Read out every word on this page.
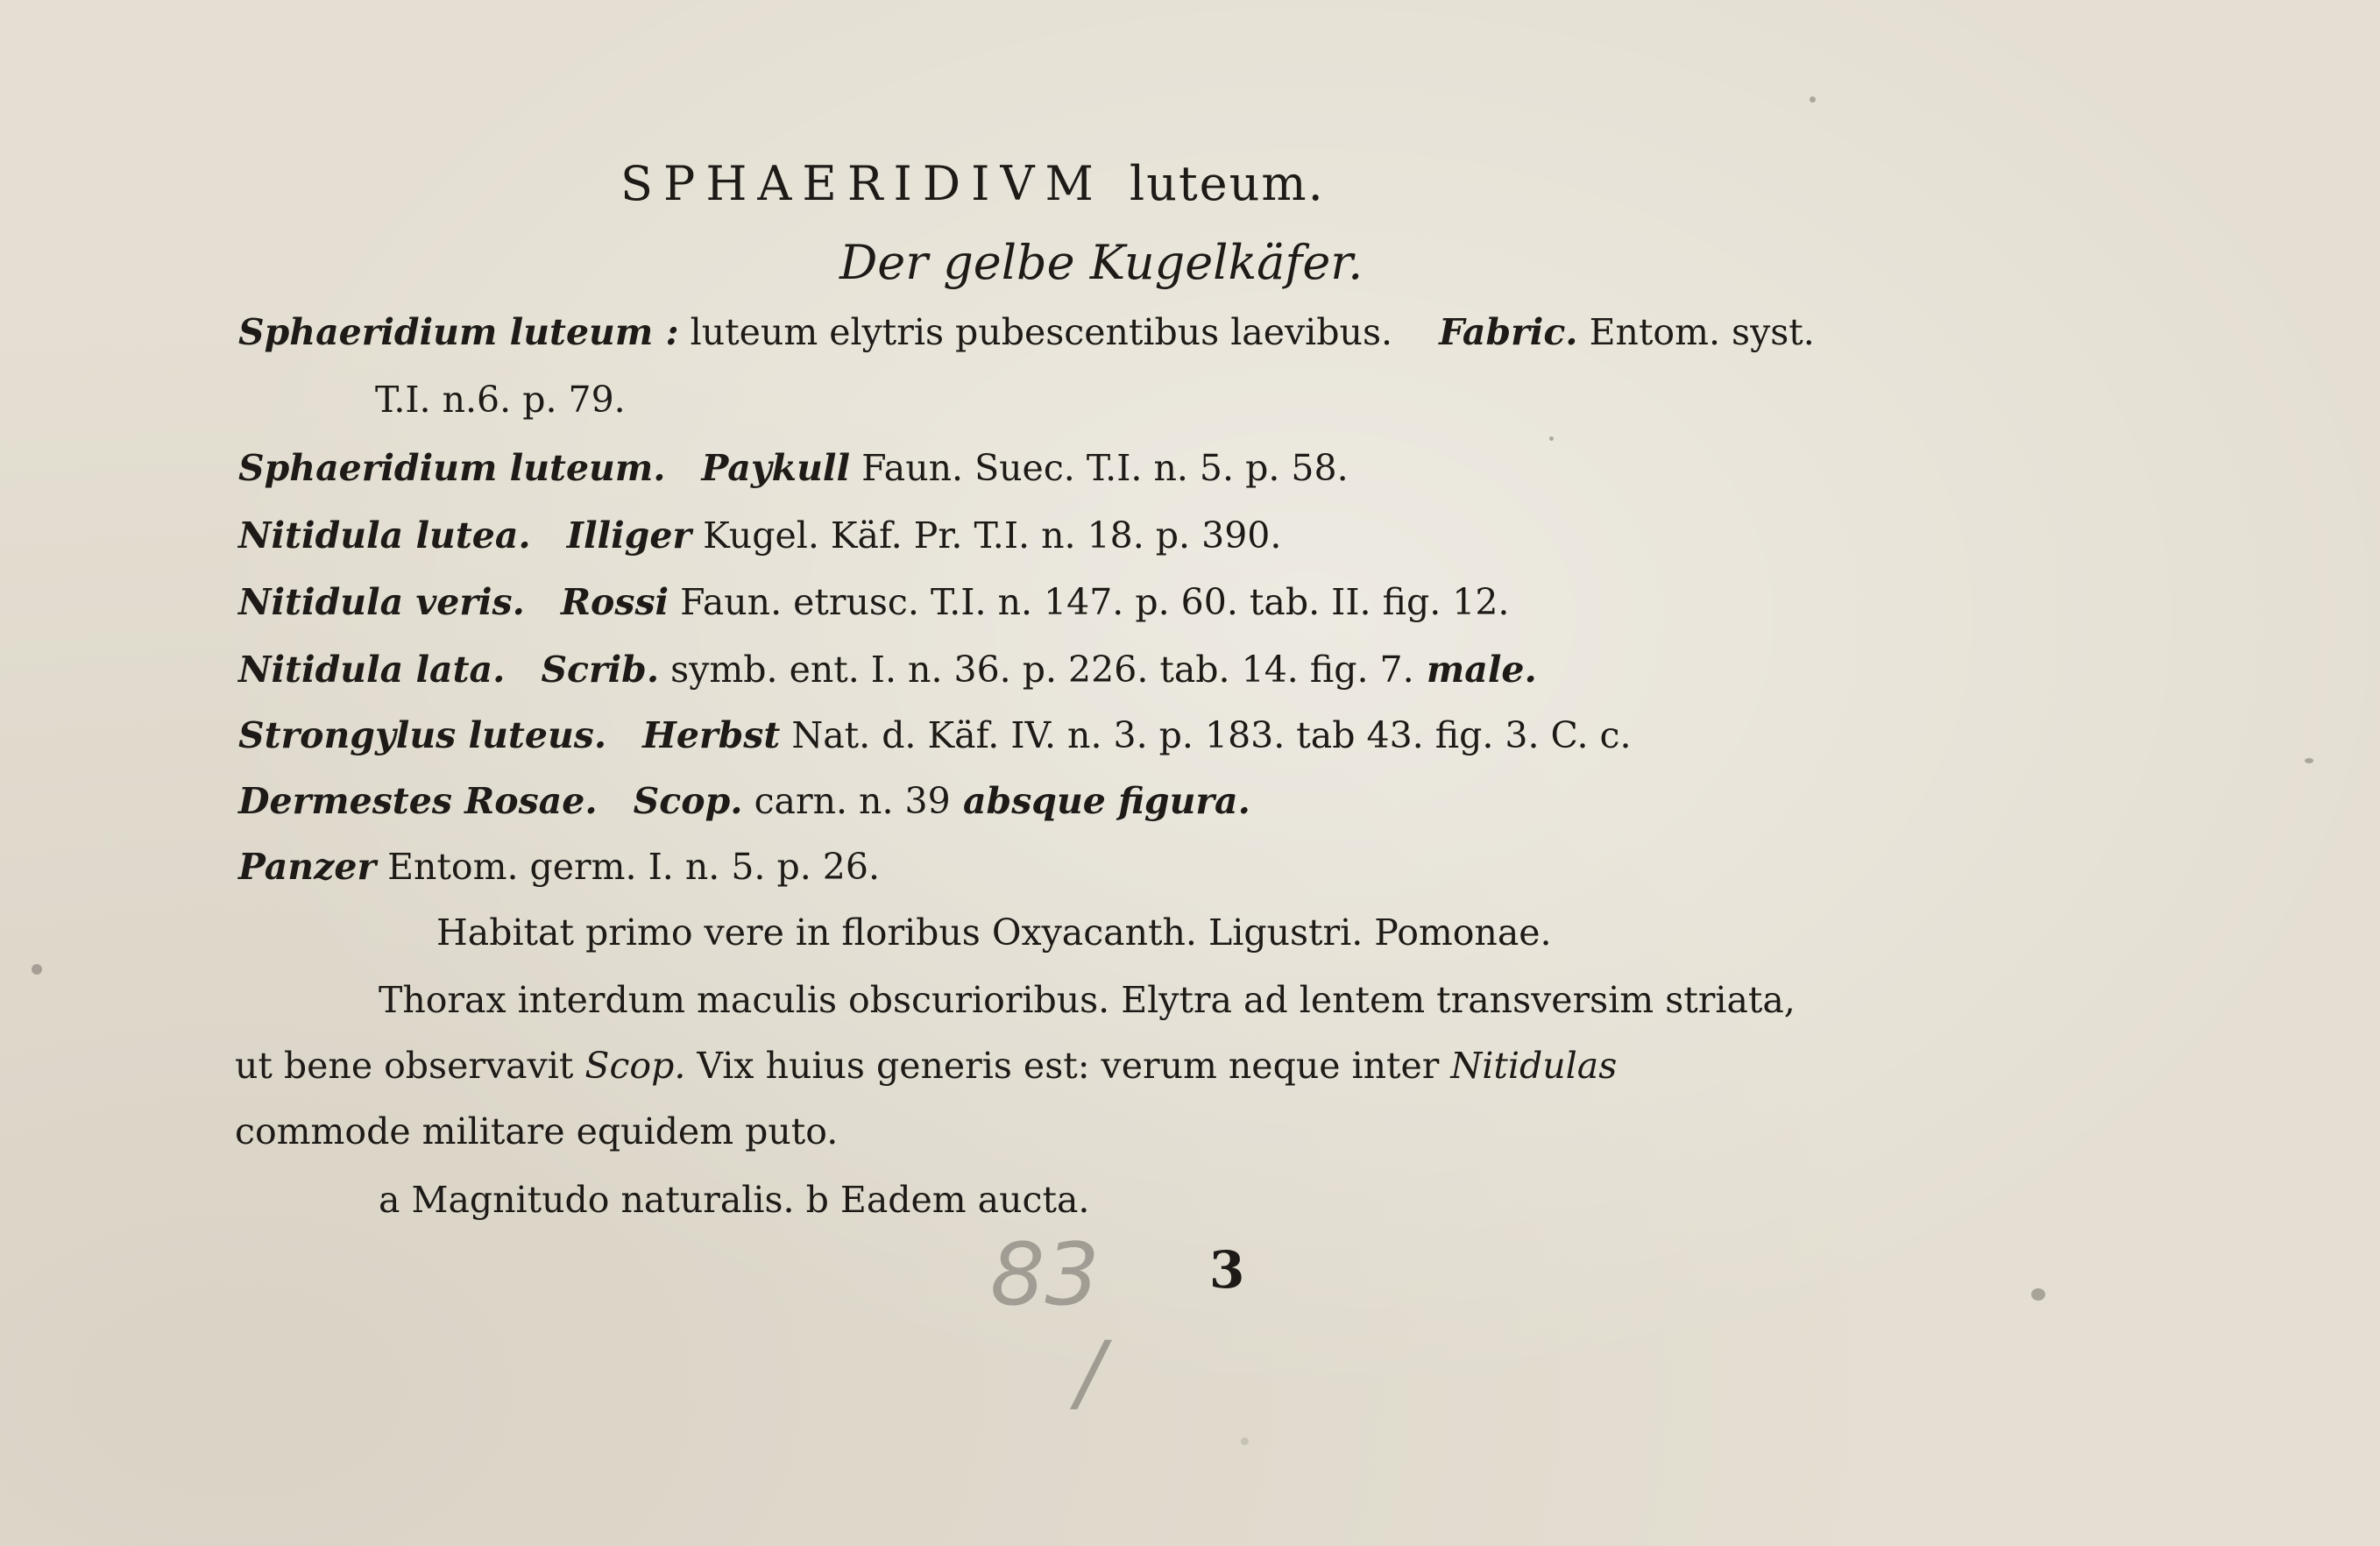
SPHAERIDIVM luteum.
Der gelbe Kugelkäfer.
Sphaeridium luteum : luteum elytris pubescentibus laevibus. Fabric. Entom. syst.
T.I. n.6. p. 79.
Sphaeridium luteum. Paykull Faun. Suec. T.I. n. 5. p. 58.
Nitidula lutea. Illiger Kugel. Käf. Pr. T.I. n. 18. p. 390.
Nitidula veris. Rossi Faun. etrusc. T.I. n. 147. p. 60. tab. II. fig. 12.
Nitidula lata. Scrib. symb. ent. I. n. 36. p. 226. tab. 14. fig. 7. male.
Strongylus luteus. Herbst Nat. d. Käf. IV. n. 3. p. 183. tab 43. fig. 3. C. c.
Dermestes Rosae. Scop. carn. n. 39 absque figura.
Panzer Entom. germ. I. n. 5. p. 26.
Habitat primo vere in floribus Oxyacanth. Ligustri. Pomonae.
Thorax interdum maculis obscurioribus. Elytra ad lentem transversim striata,
ut bene observavit Scop. Vix huius generis est: verum neque inter Nitidulas
commode militare equidem puto.
a Magnitudo naturalis. b Eadem aucta.
83
/
3
